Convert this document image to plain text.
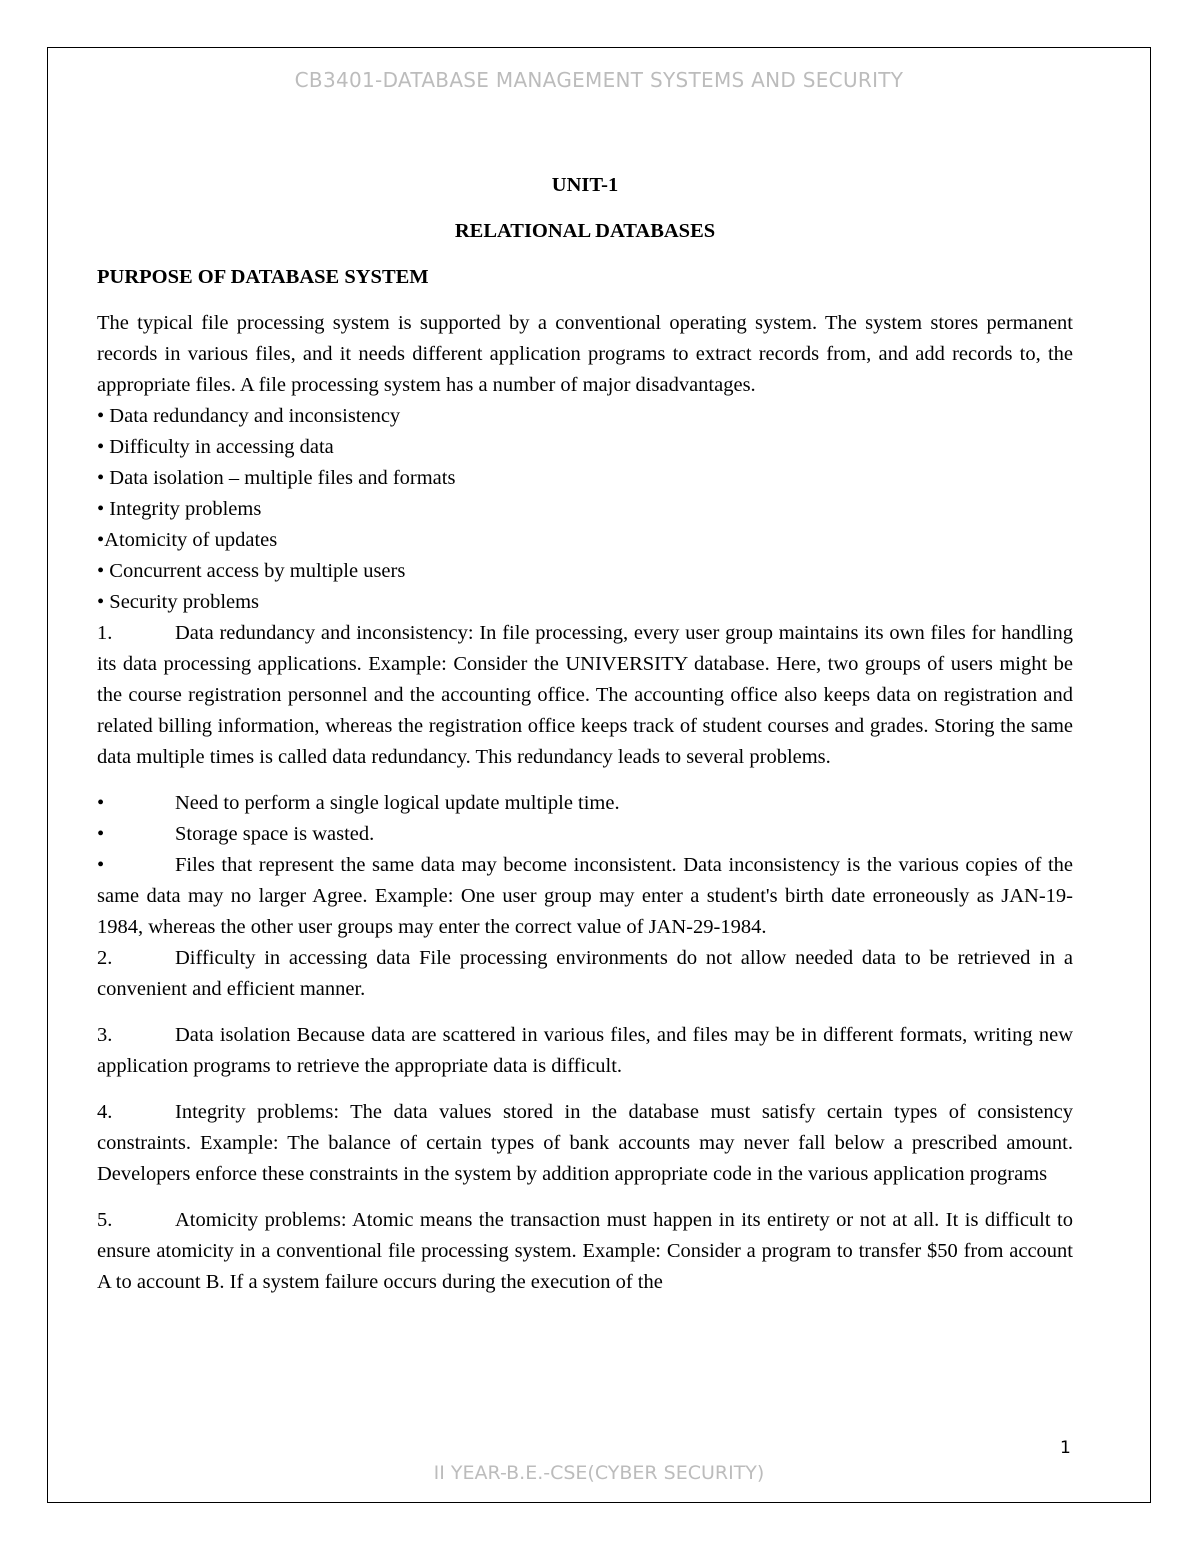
CB3401-DATABASE MANAGEMENT SYSTEMS AND SECURITY

UNIT-1

RELATIONAL DATABASES

PURPOSE OF DATABASE SYSTEM

The typical file processing system is supported by a conventional operating system. The system stores permanent records in various files, and it needs different application programs to extract records from, and add records to, the appropriate files. A file processing system has a number of major disadvantages.

• Data redundancy and inconsistency
• Difficulty in accessing data
• Data isolation – multiple files and formats
• Integrity problems
•Atomicity of updates
• Concurrent access by multiple users
• Security problems

1.	Data redundancy and inconsistency: In file processing, every user group maintains its own files for handling its data processing applications. Example: Consider the UNIVERSITY database. Here, two groups of users might be the course registration personnel and the accounting office. The accounting office also keeps data on registration and related billing information, whereas the registration office keeps track of student courses and grades. Storing the same data multiple times is called data redundancy. This redundancy leads to several problems.

•	Need to perform a single logical update multiple time.

•	Storage space is wasted.

•	Files that represent the same data may become inconsistent. Data inconsistency is the various copies of the same data may no larger Agree. Example: One user group may enter a student's birth date erroneously as JAN-19-1984, whereas the other user groups may enter the correct value of JAN-29-1984.

2.	Difficulty in accessing data File processing environments do not allow needed data to be retrieved in a convenient and efficient manner.

3.	Data isolation Because data are scattered in various files, and files may be in different formats, writing new application programs to retrieve the appropriate data is difficult.

4.	Integrity problems: The data values stored in the database must satisfy certain types of consistency constraints. Example: The balance of certain types of bank accounts may never fall below a prescribed amount. Developers enforce these constraints in the system by addition appropriate code in the various application programs

5.	Atomicity problems: Atomic means the transaction must happen in its entirety or not at all. It is difficult to ensure atomicity in a conventional file processing system. Example: Consider a program to transfer $50 from account A to account B. If a system failure occurs during the execution of the

1

II YEAR-B.E.-CSE(CYBER SECURITY)
